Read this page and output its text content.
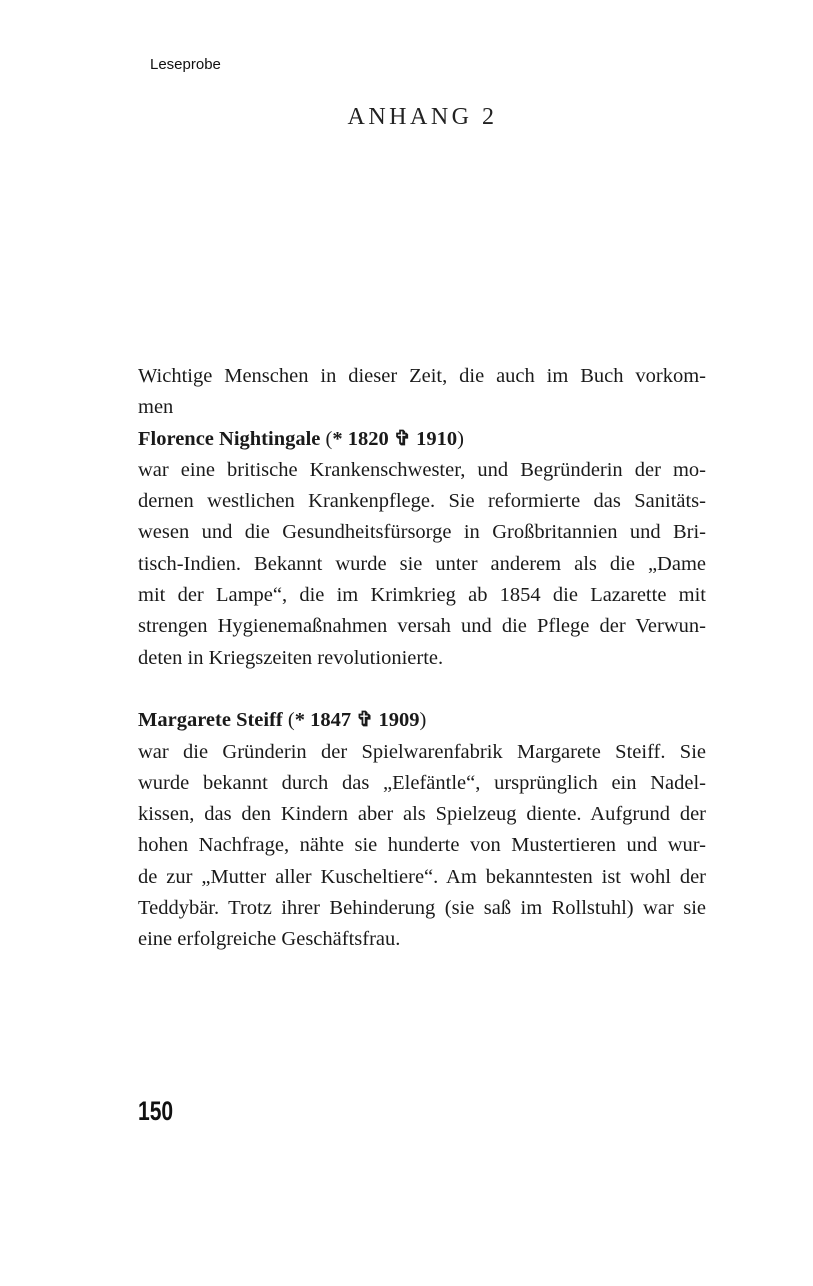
Leseprobe
ANHANG 2

Wichtige Menschen in dieser Zeit, die auch im Buch vorkom-
men

Florence Nightingale (* 1820 ✞ 1910)

war eine britische Krankenschwester, und Begründerin der mo-
dernen westlichen Krankenpflege. Sie reformierte das Sanitäts-
wesen und die Gesundheitsfürsorge in Großbritannien und Bri-
tisch-Indien. Bekannt wurde sie unter anderem als die „Dame
mit der Lampe“, die im Krimkrieg ab 1854 die Lazarette mit
strengen Hygienemaßnahmen versah und die Pflege der Verwun-
deten in Kriegszeiten revolutionierte.

Margarete Steiff (* 1847 ✞ 1909)

war die Gründerin der Spielwarenfabrik Margarete Steiff. Sie
wurde bekannt durch das „Elefäntle“, ursprünglich ein Nadel-
kissen, das den Kindern aber als Spielzeug diente. Aufgrund der
hohen Nachfrage, nähte sie hunderte von Mustertieren und wur-
de zur „Mutter aller Kuscheltiere“. Am bekanntesten ist wohl der
Teddybär. Trotz ihrer Behinderung (sie saß im Rollstuhl) war sie
eine erfolgreiche Geschäftsfrau.

150
